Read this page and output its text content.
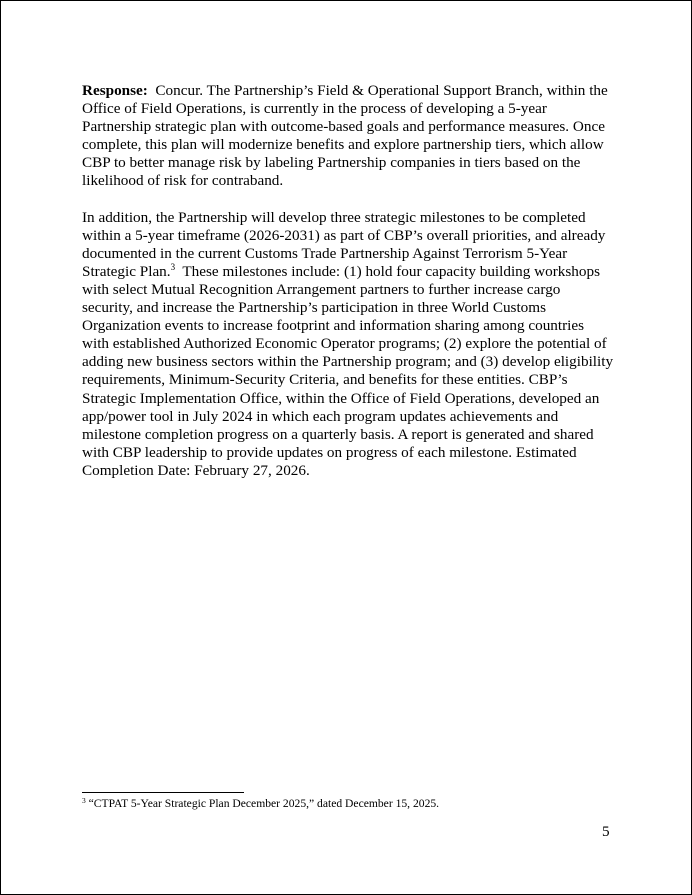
Response: Concur. The Partnership’s Field & Operational Support Branch, within the Office of Field Operations, is currently in the process of developing a 5-year Partnership strategic plan with outcome-based goals and performance measures. Once complete, this plan will modernize benefits and explore partnership tiers, which allow CBP to better manage risk by labeling Partnership companies in tiers based on the likelihood of risk for contraband.

In addition, the Partnership will develop three strategic milestones to be completed within a 5-year timeframe (2026-2031) as part of CBP’s overall priorities, and already documented in the current Customs Trade Partnership Against Terrorism 5-Year Strategic Plan.$^3$ These milestones include: (1) hold four capacity building workshops with select Mutual Recognition Arrangement partners to further increase cargo security, and increase the Partnership’s participation in three World Customs Organization events to increase footprint and information sharing among countries with established Authorized Economic Operator programs; (2) explore the potential of adding new business sectors within the Partnership program; and (3) develop eligibility requirements, Minimum-Security Criteria, and benefits for these entities. CBP’s Strategic Implementation Office, within the Office of Field Operations, developed an app/power tool in July 2024 in which each program updates achievements and milestone completion progress on a quarterly basis. A report is generated and shared with CBP leadership to provide updates on progress of each milestone. Estimated Completion Date: February 27, 2026.

$^3$ “CTPAT 5-Year Strategic Plan December 2025,” dated December 15, 2025.
5
